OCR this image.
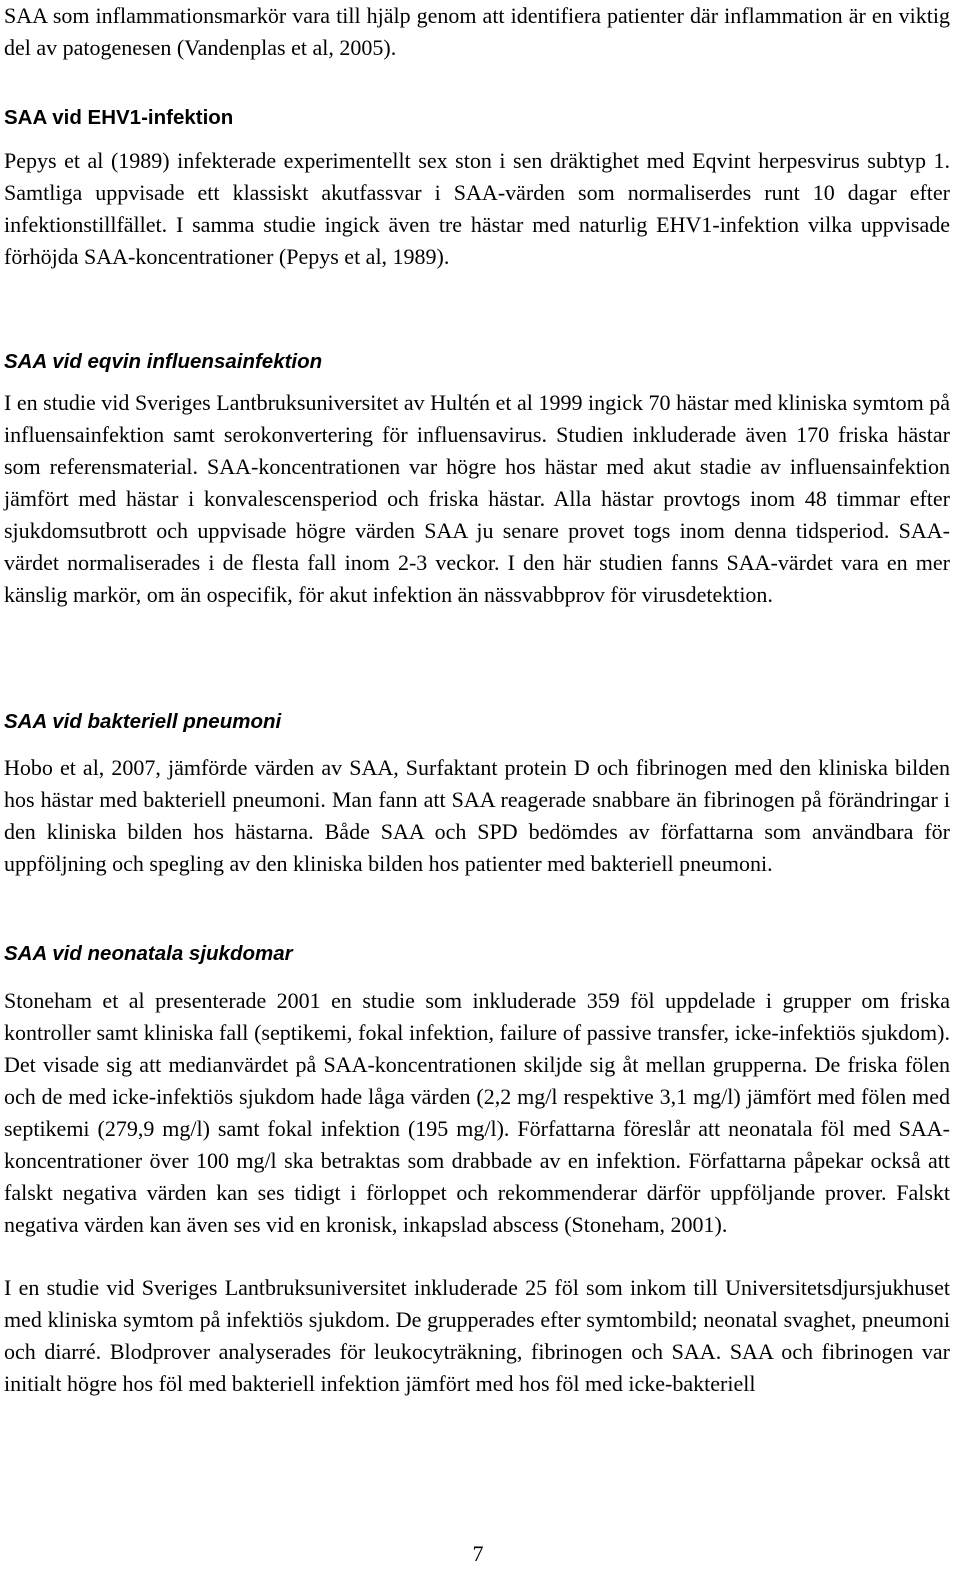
SAA som inflammationsmarkör vara till hjälp genom att identifiera patienter där inflammation är en viktig del av patogenesen (Vandenplas et al, 2005).

SAA vid EHV1-infektion

Pepys et al (1989) infekterade experimentellt sex ston i sen dräktighet med Eqvint herpesvirus subtyp 1. Samtliga uppvisade ett klassiskt akutfassvar i SAA-värden som normaliserdes runt 10 dagar efter infektionstillfället. I samma studie ingick även tre hästar med naturlig EHV1-infektion vilka uppvisade förhöjda SAA-koncentrationer (Pepys et al, 1989).

SAA vid eqvin influensainfektion

I en studie vid Sveriges Lantbruksuniversitet av Hultén et al 1999 ingick 70 hästar med kliniska symtom på influensainfektion samt serokonvertering för influensavirus. Studien inkluderade även 170 friska hästar som referensmaterial. SAA-koncentrationen var högre hos hästar med akut stadie av influensainfektion jämfört med hästar i konvalescensperiod och friska hästar. Alla hästar provtogs inom 48 timmar efter sjukdomsutbrott och uppvisade högre värden SAA ju senare provet togs inom denna tidsperiod. SAA-värdet normaliserades i de flesta fall inom 2-3 veckor. I den här studien fanns SAA-värdet vara en mer känslig markör, om än ospecifik, för akut infektion än nässvabbprov för virusdetektion.

SAA vid bakteriell pneumoni

Hobo et al, 2007, jämförde värden av SAA, Surfaktant protein D och fibrinogen med den kliniska bilden hos hästar med bakteriell pneumoni. Man fann att SAA reagerade snabbare än fibrinogen på förändringar i den kliniska bilden hos hästarna. Både SAA och SPD bedömdes av författarna som användbara för uppföljning och spegling av den kliniska bilden hos patienter med bakteriell pneumoni.

SAA vid neonatala sjukdomar

Stoneham et al presenterade 2001 en studie som inkluderade 359 föl uppdelade i grupper om friska kontroller samt kliniska fall (septikemi, fokal infektion, failure of passive transfer, icke-infektiös sjukdom). Det visade sig att medianvärdet på SAA-koncentrationen skiljde sig åt mellan grupperna. De friska fölen och de med icke-infektiös sjukdom hade låga värden (2,2 mg/l respektive 3,1 mg/l) jämfört med fölen med septikemi (279,9 mg/l) samt fokal infektion (195 mg/l). Författarna föreslår att neonatala föl med SAA-koncentrationer över 100 mg/l ska betraktas som drabbade av en infektion. Författarna påpekar också att falskt negativa värden kan ses tidigt i förloppet och rekommenderar därför uppföljande prover. Falskt negativa värden kan även ses vid en kronisk, inkapslad abscess (Stoneham, 2001).

I en studie vid Sveriges Lantbruksuniversitet inkluderade 25 föl som inkom till Universitetsdjursjukhuset med kliniska symtom på infektiös sjukdom. De grupperades efter symtombild; neonatal svaghet, pneumoni och diarré. Blodprover analyserades för leukocyträkning, fibrinogen och SAA. SAA och fibrinogen var initialt högre hos föl med bakteriell infektion jämfört med hos föl med icke-bakteriell

7
